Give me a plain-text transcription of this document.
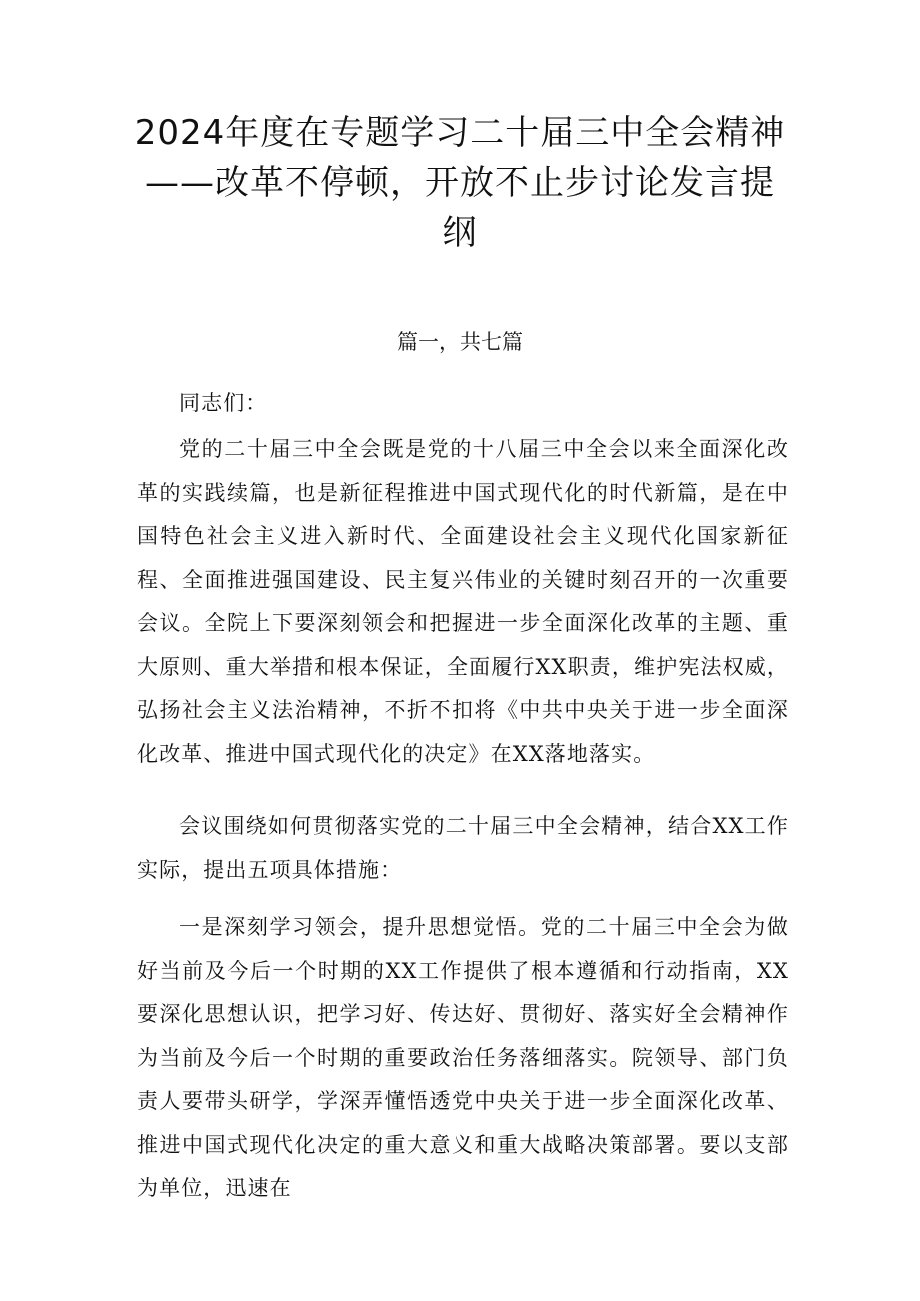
2024年度在专题学习二十届三中全会精神
——改革不停顿，开放不止步讨论发言提
纲

篇一，共七篇

同志们：

党的二十届三中全会既是党的十八届三中全会以来全面深化改革的实践续篇，也是新征程推进中国式现代化的时代新篇，是在中国特色社会主义进入新时代、全面建设社会主义现代化国家新征程、全面推进强国建设、民主复兴伟业的关键时刻召开的一次重要会议。全院上下要深刻领会和把握进一步全面深化改革的主题、重大原则、重大举措和根本保证，全面履行XX职责，维护宪法权威，弘扬社会主义法治精神，不折不扣将《中共中央关于进一步全面深化改革、推进中国式现代化的决定》在XX落地落实。

会议围绕如何贯彻落实党的二十届三中全会精神，结合XX工作实际，提出五项具体措施：

一是深刻学习领会，提升思想觉悟。党的二十届三中全会为做好当前及今后一个时期的XX工作提供了根本遵循和行动指南，XX要深化思想认识，把学习好、传达好、贯彻好、落实好全会精神作为当前及今后一个时期的重要政治任务落细落实。院领导、部门负责人要带头研学，学深弄懂悟透党中央关于进一步全面深化改革、推进中国式现代化决定的重大意义和重大战略决策部署。要以支部为单位，迅速在
